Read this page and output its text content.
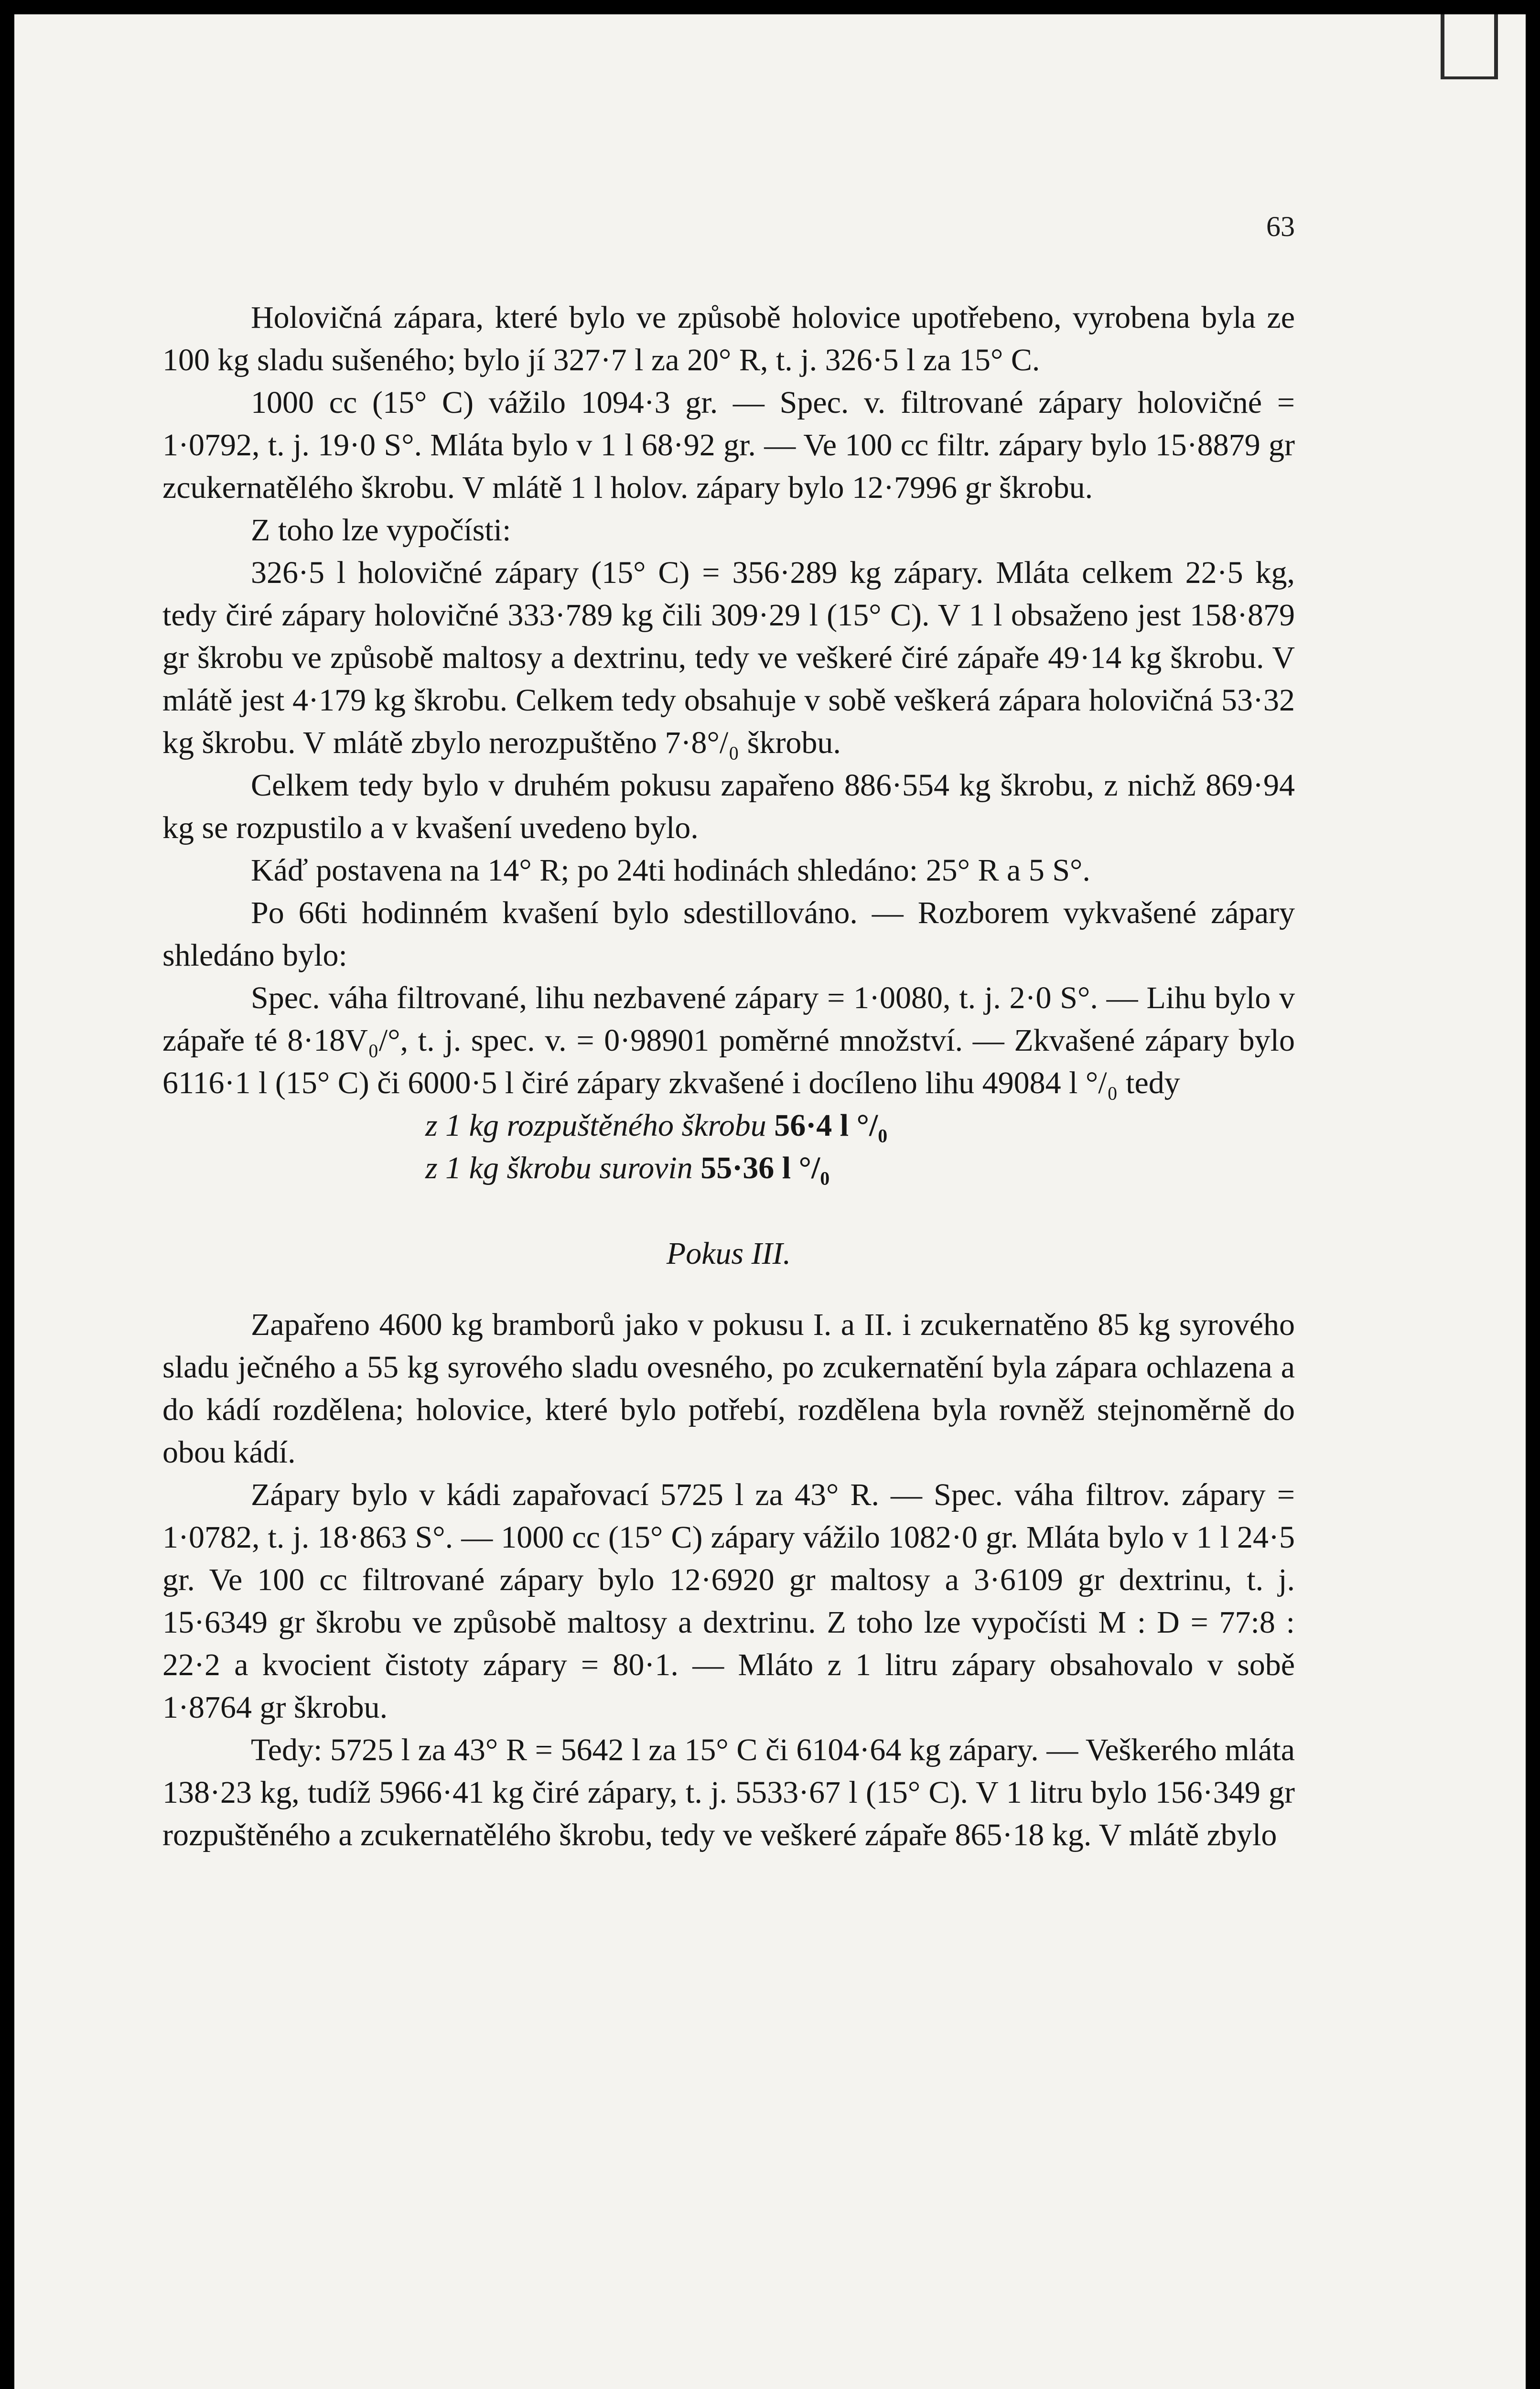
63

Holovičná zápara, které bylo ve způsobě holovice upotřebeno, vyrobena byla ze 100 kg sladu sušeného; bylo jí 327·7 l za 20° R, t. j. 326·5 l za 15° C.

1000 cc (15° C) vážilo 1094·3 gr. — Spec. v. filtrované zápary holovičné = 1·0792, t. j. 19·0 S°. Mláta bylo v 1 l 68·92 gr. — Ve 100 cc filtr. zápary bylo 15·8879 gr zcukernatělého škrobu. V mlátě 1 l holov. zápary bylo 12·7996 gr škrobu.

Z toho lze vypočísti:

326·5 l holovičné zápary (15° C) = 356·289 kg zápary. Mláta celkem 22·5 kg, tedy čiré zápary holovičné 333·789 kg čili 309·29 l (15° C). V 1 l obsaženo jest 158·879 gr škrobu ve způsobě maltosy a dextrinu, tedy ve veškeré čiré zápaře 49·14 kg škrobu. V mlátě jest 4·179 kg škrobu. Celkem tedy obsahuje v sobě veškerá zápara holovičná 53·32 kg škrobu. V mlátě zbylo nerozpuštěno 7·8°/₀ škrobu.

Celkem tedy bylo v druhém pokusu zapařeno 886·554 kg škrobu, z nichž 869·94 kg se rozpustilo a v kvašení uvedeno bylo.

Káď postavena na 14° R; po 24ti hodinách shledáno: 25° R a 5 S°.

Po 66ti hodinném kvašení bylo sdestillováno. — Rozborem vykvašené zápary shledáno bylo:

Spec. váha filtrované, lihu nezbavené zápary = 1·0080, t. j. 2·0 S°. — Lihu bylo v zápaře té 8·18V₀/°, t. j. spec. v. = 0·98901 poměrné množství. — Zkvašené zápary bylo 6116·1 l (15° C) či 6000·5 l čiré zápary zkvašené i docíleno lihu 49084 l °/₀ tedy

z 1 kg rozpuštěného škrobu 56·4 l °/₀

z 1 kg škrobu surovin 55·36 l °/₀

Pokus III.

Zapařeno 4600 kg bramborů jako v pokusu I. a II. i zcukernatěno 85 kg syrového sladu ječného a 55 kg syrového sladu ovesného, po zcukernatění byla zápara ochlazena a do kádí rozdělena; holovice, které bylo potřebí, rozdělena byla rovněž stejnoměrně do obou kádí.

Zápary bylo v kádi zapařovací 5725 l za 43° R. — Spec. váha filtrov. zápary = 1·0782, t. j. 18·863 S°. — 1000 cc (15° C) zápary vážilo 1082·0 gr. Mláta bylo v 1 l 24·5 gr. Ve 100 cc filtrované zápary bylo 12·6920 gr maltosy a 3·6109 gr dextrinu, t. j. 15·6349 gr škrobu ve způsobě maltosy a dextrinu. Z toho lze vypočísti M : D = 77:8 : 22·2 a kvocient čistoty zápary = 80·1. — Mláto z 1 litru zápary obsahovalo v sobě 1·8764 gr škrobu.

Tedy: 5725 l za 43° R = 5642 l za 15° C či 6104·64 kg zápary. — Veškerého mláta 138·23 kg, tudíž 5966·41 kg čiré zápary, t. j. 5533·67 l (15° C). V 1 litru bylo 156·349 gr rozpuštěného a zcukernatělého škrobu, tedy ve veškeré zápaře 865·18 kg. V mlátě zbylo
